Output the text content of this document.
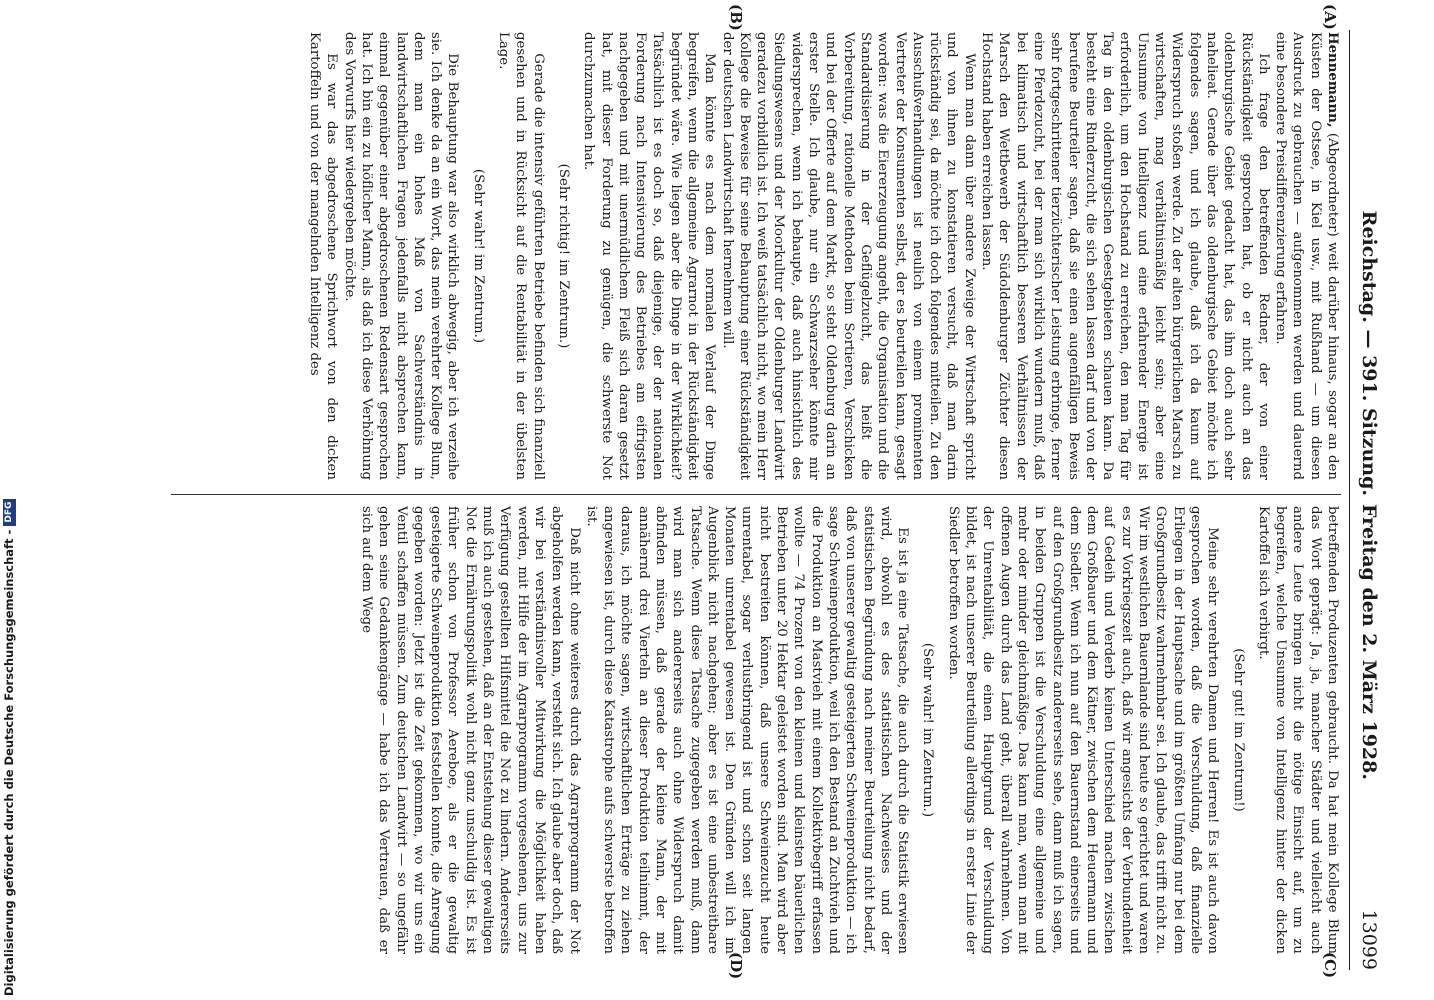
Digitalisierung gefördert durch die Deutsche Forschungsgemeinschaft -
DFG
Reichstag. — 391. Sitzung.
Freitag den 2. März 1928.
13099
(A)
(B)
(C)
(D)

Hennemann, (Abgeordneter) weit darüber hinaus, sogar an den Küsten der Ostsee, in Kiel usw., mit Rußhand — um diesen Ausdruck zu gebrauchen — aufgenommen werden und dauernd eine besondere Preisdifferenzierung erfahren.

Ich frage den betreffenden Redner, der von einer Rückständigkeit gesprochen hat, ob er nicht auch an das oldenburgische Gebiet gedacht hat, das ihm doch auch sehr nahelieat. Gerade über das oldenburgische Gebiet möchte ich folgendes sagen, und ich glaube, daß ich da kaum auf Widerspruch stoßen werde. Zu der alten bürgerlichen Marsch zu wirtschaften, mag verhältnismäßig leicht sein; aber eine Unsumme von Intelligenz und eine erfahrender Energie ist erforderlich, um den Hochstand zu erreichen, den man Tag für Tag in den oldenburgischen Geestgebieten schauen kann. Da besteht eine Rinderzucht, die sich sehen lassen darf und von der berufene Beurteiler sagen, daß sie einen augenfälligen Beweis sehr fortgeschrittener tierzüchterischer Leistung erbringe, ferner eine Pferdezucht, bei der man sich wirklich wundern muß, daß bei klimatisch und wirtschaftlich besseren Verhältnissen der Marsch den Wettbewerb der Südoldenburger Züchter diesen Hochstand haben erreichen lassen.

Wenn man dann über andere Zweige der Wirtschaft spricht und von ihnen zu konstatieren versucht, daß man darin rückständig sei, da möchte ich doch folgendes mitteilen. Zu den Ausschußverhandlungen ist neulich von einem prominenten Vertreter der Konsumenten selbst, der es beurteilen kann, gesagt worden: was die Eiererzeugung angeht, die Organisation und die Standardisierung in der Geflügelzucht, das heißt die Vorbereitung, rationelle Methoden beim Sortieren, Verschicken und bei der Offerte auf dem Markt, so steht Oldenburg darin an erster Stelle. Ich glaube, nur ein Schwarzseher könnte mir widersprechen, wenn ich behaupte, daß auch hinsichtlich des Siedlungswesens und der Moorkultur der Oldenburger Landwirt geradezu vorbildlich ist. Ich weiß tatsächlich nicht, wo mein Herr Kollege die Beweise für seine Behauptung einer Rückständigkeit der deutschen Landwirtschaft hernehmen will.

Man könnte es nach dem normalen Verlauf der Dinge begreifen, wenn die allgemeine Agrarnot in der Rückständigkeit begründet wäre. Wie liegen aber die Dinge in der Wirklichkeit? Tatsächlich ist es doch so, daß diejenige, der der nationalen Forderung nach Intensivierung des Betriebes am eifrigsten nachgegeben und mit unermüdlichem Fleiß sich daran gesetzt hat, mit dieser Forderung zu genügen, die schwerste Not durchzumachen hat.

(Sehr richtig! im Zentrum.)

Gerade die intensiv geführten Betriebe befinden sich finanziell gesehen und in Rücksicht auf die Rentabilität in der übelsten Lage.

(Sehr wahr! im Zentrum.)

Die Behauptung war also wirklich abwegig, aber ich verzeihe sie. Ich denke da an ein Wort, das mein verehrter Kollege Blum, dem man ein hohes Maß von Sachverständnis in landwirtschaftlichen Fragen jedenfalls nicht absprechen kann, einmal gegenüber einer abgedroschenen Redensart gesprochen hat. Ich bin ein zu höflicher Mann, als daß ich diese Verhöhnung des Vorwurfs hier wiedergeben möchte.

Es war das abgedroschene Sprichwort von den dicken Kartoffeln und von der mangelnden Intelligenz des

betreffenden Produzenten gebraucht. Da hat mein Kollege Blum das Wort geprägt: Ja, ja, mancher Städter und vielleicht auch andere Leute bringen nicht die nötige Einsicht auf, um zu begreifen, welche Unsumme von Intelligenz hinter der dicken Kartoffel sich verbirgt.

(Sehr gut! im Zentrum!)

Meine sehr verehrten Damen und Herren! Es ist auch davon gesprochen worden, daß die Verschuldung, daß finanzielle Erliegen in der Hauptsache und im größten Umfang nur bei dem Großgrundbesitz wahrnehmbar sei. Ich glaube, das trifft nicht zu. Wir im westlichen Bauernlande sind heute so gerichtet und waren es zur Vorkriegszeit auch, daß wir angesichts der Verbundenheit auf Gedeih und Verderb keinen Unterschied machen zwischen dem Großbauer und dem Kätner, zwischen dem Heuermann und dem Siedler. Wenn ich nun auf den Bauernstand einerseits und auf den Großgrundbesitz andererseits sehe, dann muß ich sagen, in beiden Gruppen ist die Verschuldung eine allgemeine und mehr oder minder gleichmäßige. Das kann man, wenn man mit offenen Augen durch das Land geht, überall wahrnehmen. Von der Unrentabilität, die einen Hauptgrund der Verschuldung bildet, ist nach unserer Beurteilung allerdings in erster Linie der Siedler betroffen worden.

(Sehr wahr! im Zentrum.)

Es ist ja eine Tatsache, die auch durch die Statistik erwiesen wird, obwohl es des statistischen Nachweises und der statistischen Begründung nach meiner Beurteilung nicht bedarf, daß von unserer gewaltig gesteigerten Schweineproduktion — ich sage Schweineproduktion, weil ich den Bestand an Zuchtvieh und die Produktion an Mastvieh mit einem Kollektivbegriff erfassen wollte — 74 Prozent von den kleinen und kleinsten bäuerlichen Betrieben unter 20 Hektar geleistet worden sind. Man wird aber nicht bestreiten können, daß unsere Schweinezucht heute unrentabel, sogar verlustbringend ist und schon seit langen Monaten unrentabel gewesen ist. Den Gründen will ich im Augenblick nicht nachgehen; aber es ist eine unbestreitbare Tatsache. Wenn diese Tatsache zugegeben werden muß, dann wird man sich andererseits auch ohne Widerspruch damit abfinden müssen, daß gerade der kleine Mann, der mit annähernd drei Vierteln an dieser Produktion teilnimmt, der daraus, ich möchte sagen, wirtschaftlichen Erträge zu ziehen angewiesen ist, durch diese Katastrophe aufs schwerste betroffen ist.

Daß nicht ohne weiteres durch das Agrarprogramm der Not abgeholfen werden kann, versteht sich. Ich glaube aber doch, daß wir bei verständnisvoller Mitwirkung die Möglichkeit haben werden, mit Hilfe der im Agrarprogramm vorgesehenen, uns zur Verfügung gestellten Hilfsmittel die Not zu lindern. Andererseits muß ich auch gestehen, daß an der Entstehung dieser gewaltigen Not die Ernährungspolitik wohl nicht ganz unschuldig ist. Es ist früher schon von Professor Aereboe, als er die gewaltig gesteigerte Schweineproduktion feststellen konnte, die Anregung gegeben worden: Jetzt ist die Zeit gekommen, wo wir uns ein Ventil schaffen müssen. Zum deutschen Landwirt — so ungefähr gehen seine Gedankengänge — habe ich das Vertrauen, daß er sich auf dem Wege
